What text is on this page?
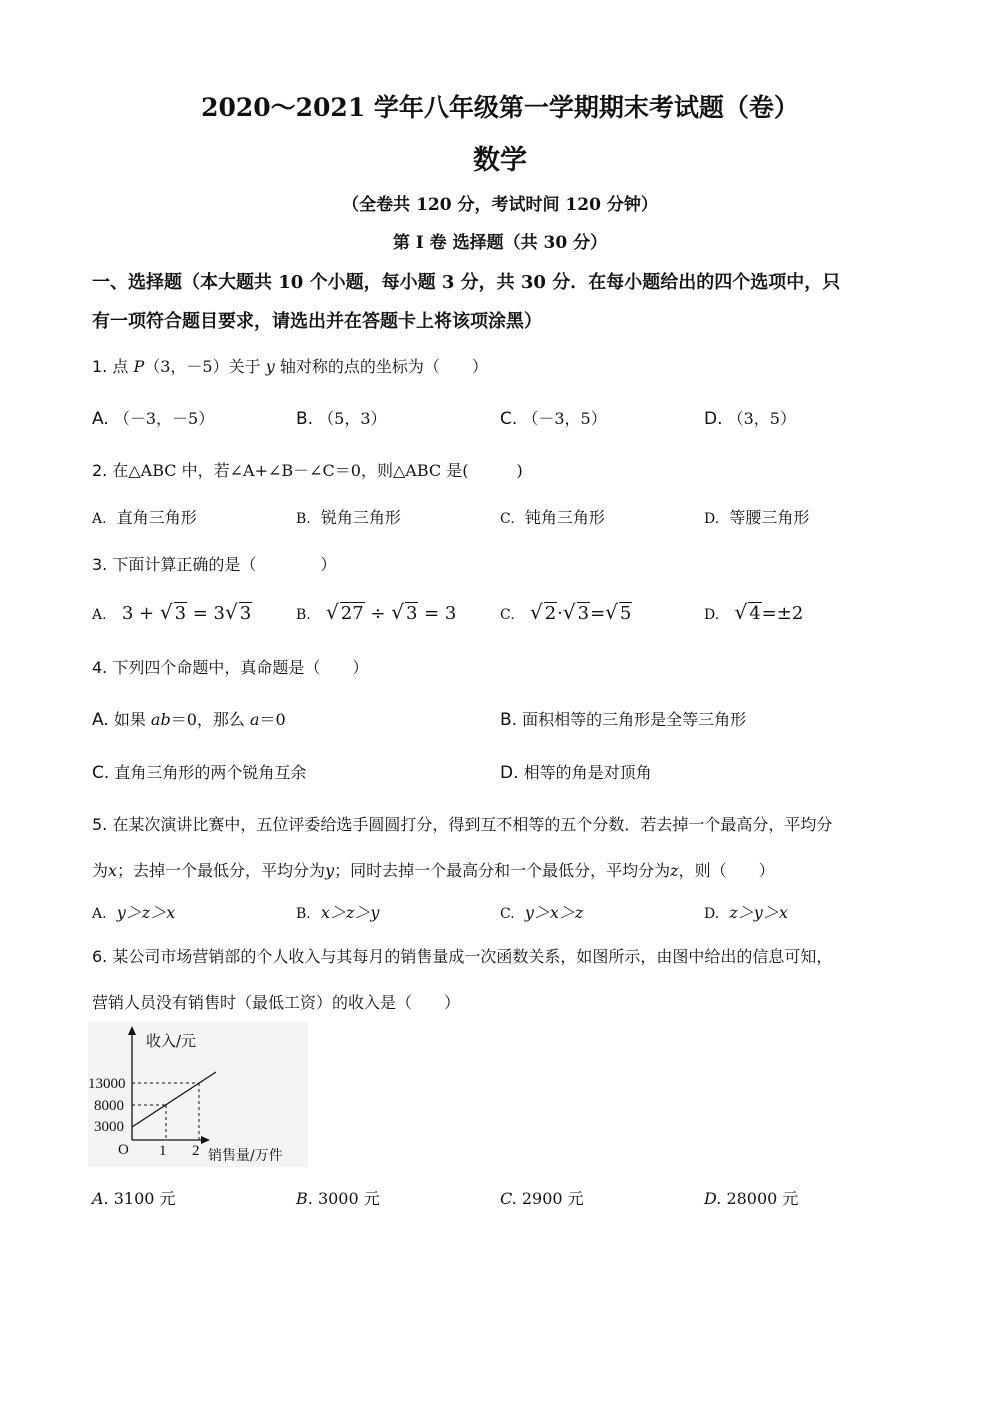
2020～2021 学年八年级第一学期期末考试题（卷）
数学
（全卷共 120 分，考试时间 120 分钟）
第 I 卷 选择题（共 30 分）
一、选择题（本大题共 10 个小题，每小题 3 分，共 30 分．在每小题给出的四个选项中，只
有一项符合题目要求，请选出并在答题卡上将该项涂黑）
1. 点 P（3，－5）关于 y 轴对称的点的坐标为（　　）
A. （－3，－5）	B. （5，3）	C. （－3，5）	D. （3，5）
2. 在△ABC 中，若∠A+∠B－∠C＝0，则△ABC 是(　　　)
A. 直角三角形	B. 锐角三角形	C. 钝角三角形	D. 等腰三角形
3. 下面计算正确的是（　　　　）
A. 3 + √ 3 = 3√ 3	B. √ 27 ÷ √ 3 = 3	C. √ 2·√ 3=√ 5	D. √ 4=±2
4. 下列四个命题中，真命题是（　　）
A. 如果 ab＝0，那么 a＝0	B. 面积相等的三角形是全等三角形
C. 直角三角形的两个锐角互余	D. 相等的角是对顶角
5. 在某次演讲比赛中，五位评委给选手圆圆打分，得到互不相等的五个分数．若去掉一个最高分，平均分
为x；去掉一个最低分，平均分为y；同时去掉一个最高分和一个最低分，平均分为z，则（　　）
A. y＞z＞x	B. x＞z＞y	C. y＞x＞z	D. z＞y＞x
6. 某公司市场营销部的个人收入与其每月的销售量成一次函数关系，如图所示，由图中给出的信息可知，
营销人员没有销售时（最低工资）的收入是（　　）
收入/元
13000
8000
3000
O 1 2 销售量/万件
A. 3100 元	B. 3000 元	C. 2900 元	D. 28000 元
